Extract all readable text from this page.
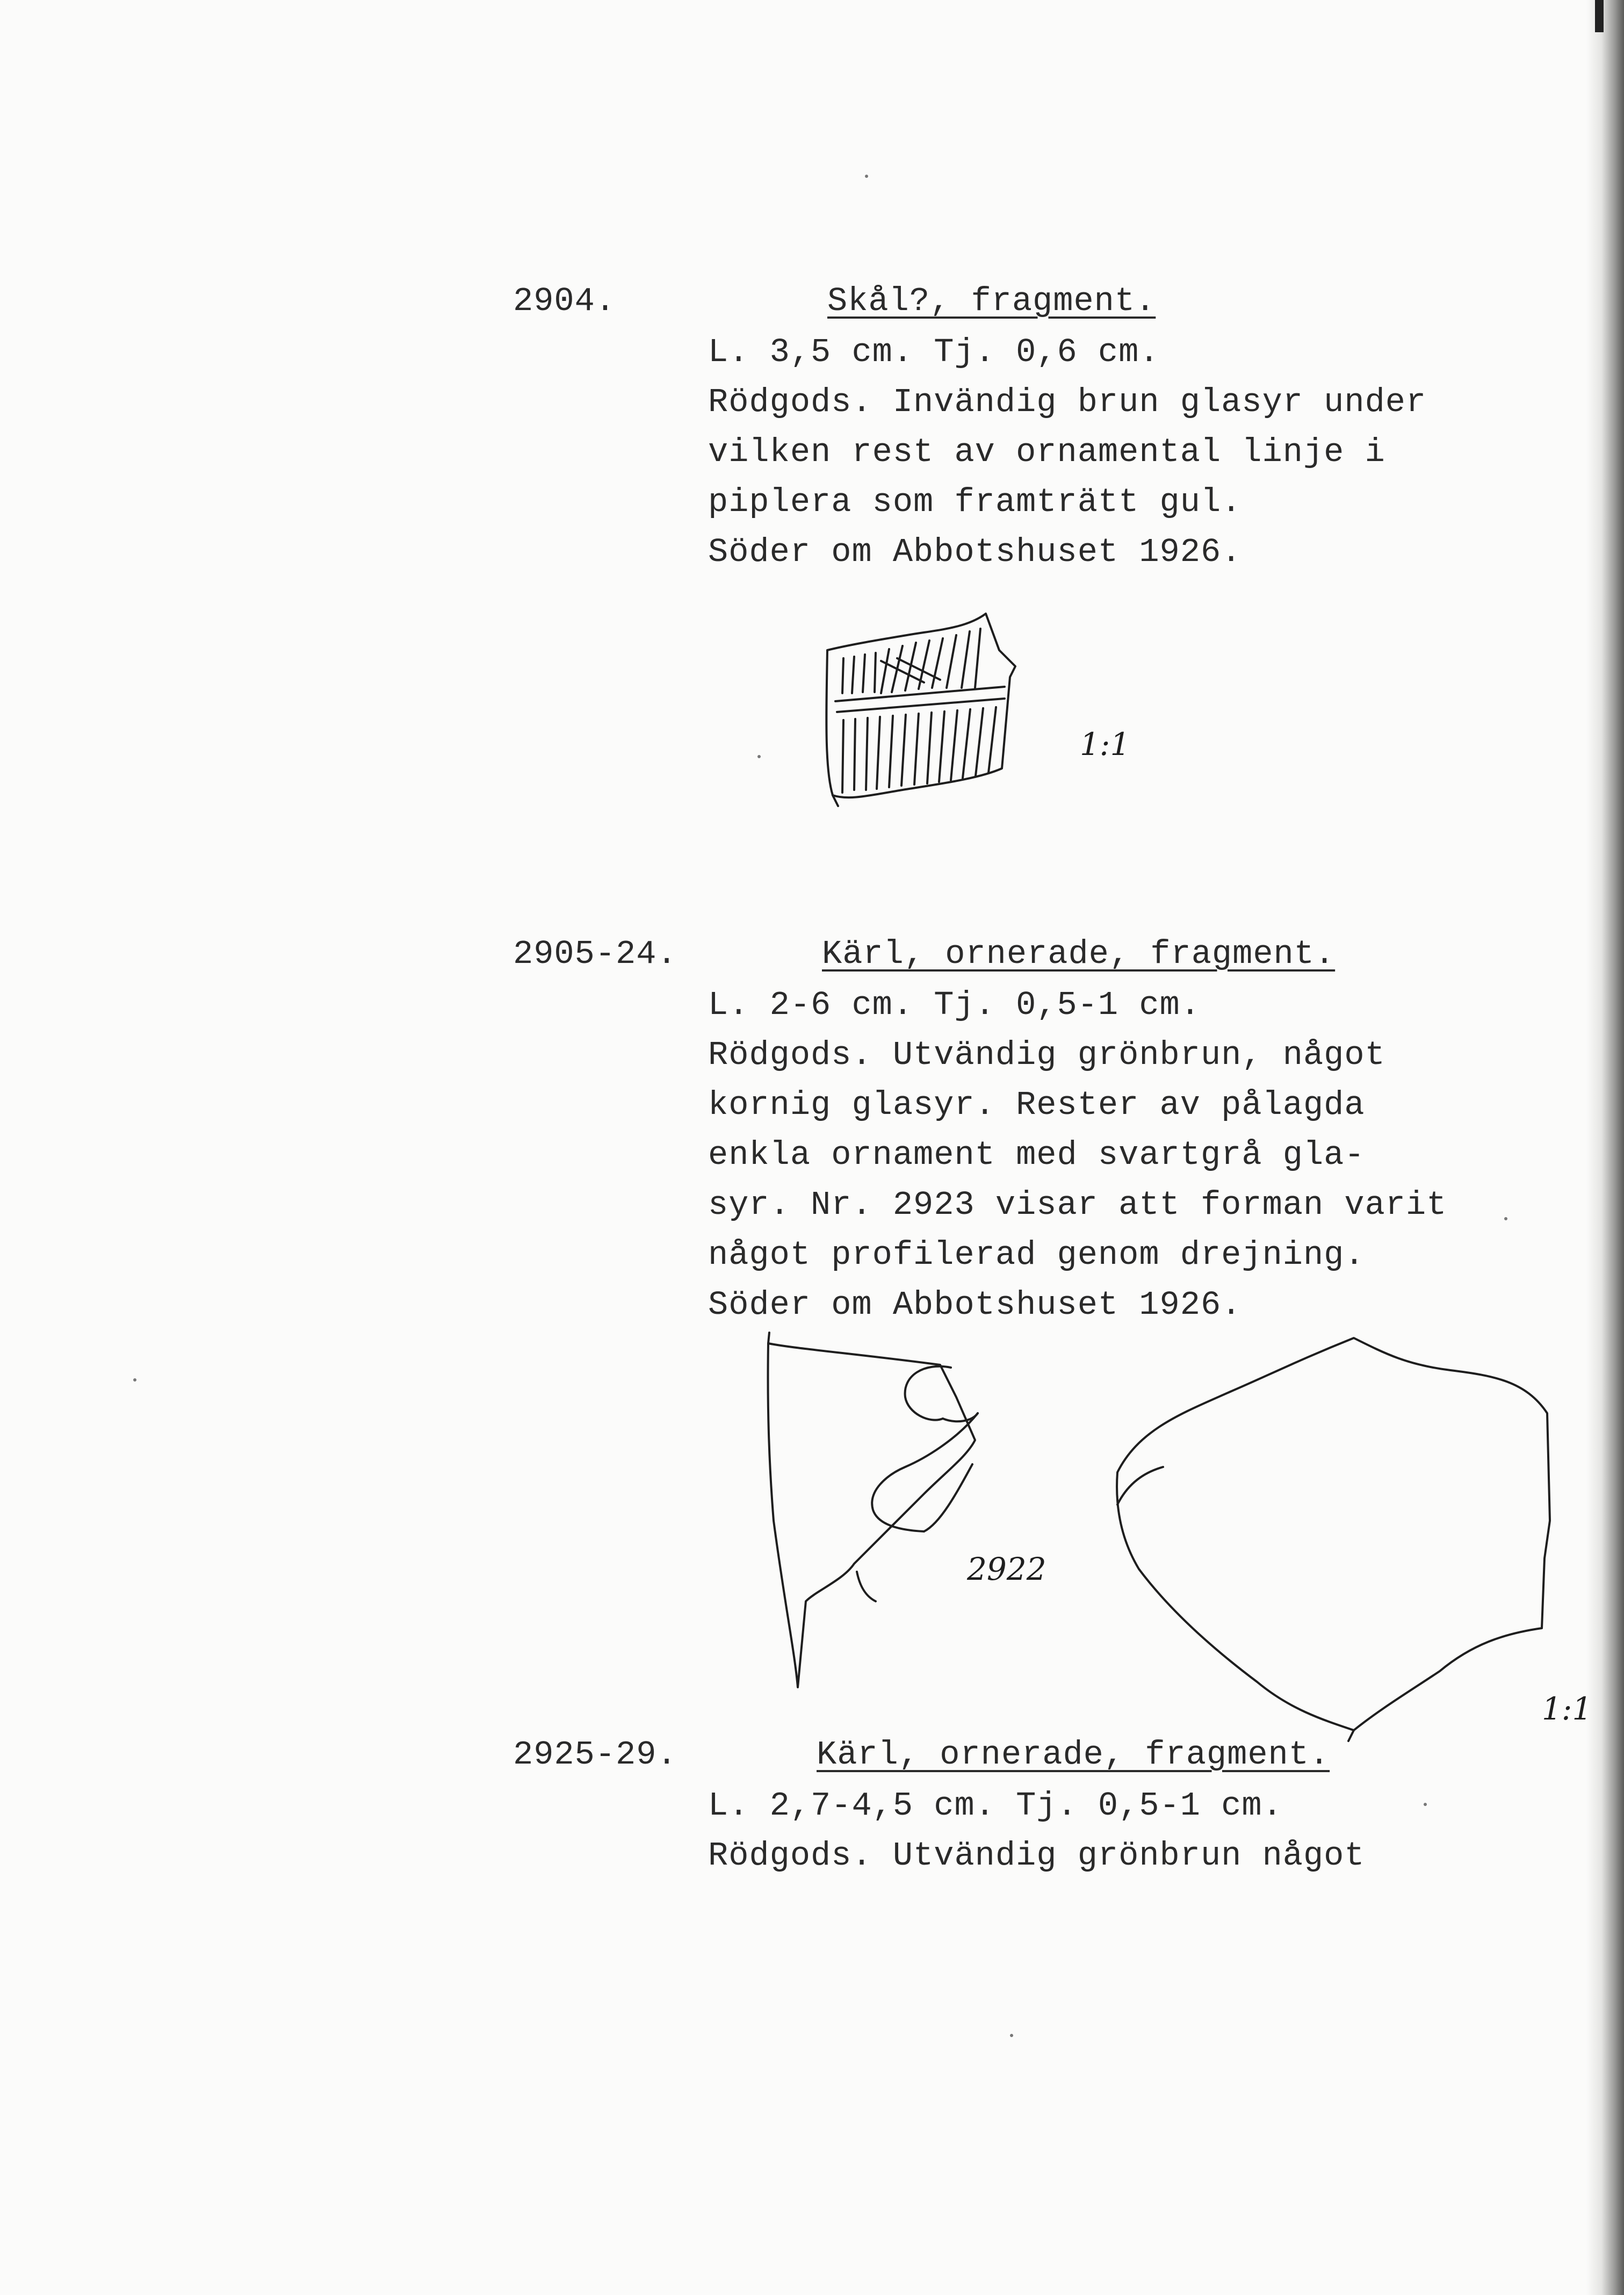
2904.	Skål?, fragment.
L. 3,5 cm. Tj. 0,6 cm.
Rödgods. Invändig brun glasyr under
vilken rest av ornamental linje i
piplera som framträtt gul.
Söder om Abbotshuset 1926.
1:1
2905-24.	Kärl, ornerade, fragment.
L. 2-6 cm. Tj. 0,5-1 cm.
Rödgods. Utvändig grönbrun, något
kornig glasyr. Rester av pålagda
enkla ornament med svartgrå gla-
syr. Nr. 2923 visar att forman varit
något profilerad genom drejning.
Söder om Abbotshuset 1926.
2922
1:1
2925-29.	Kärl, ornerade, fragment.
L. 2,7-4,5 cm. Tj. 0,5-1 cm.
Rödgods. Utvändig grönbrun något
